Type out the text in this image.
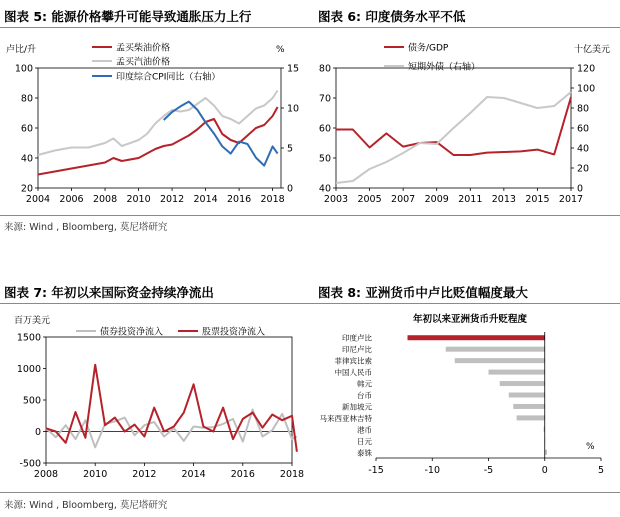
图表 5: 能源价格攀升可能导致通胀压力上行	图表 6: 印度债务水平不低
图表 7: 年初以来国际资金持续净流出	图表 8: 亚洲货币中卢比贬值幅度最大
来源: Wind , Bloomberg, 莫尼塔研究
来源: Wind , Bloomberg, 莫尼塔研究
卢比/升	%
2004 2006 2008 2010 2012 2014 2016 2018
20
40
60
80
100
0
5
10
15
孟买柴油价格
孟买汽油价格
印度综合CPI同比（右轴）
十亿美元
2003 2005 2007 2009 2011 2013 2015 2017
40
50
60
70
80
0
20
40
60
80
100
120
债务/GDP
短期外债（右轴）
百万美元
2008	2010	2012	2014	2016	2018
-500
0
500
1000
1500	债券投资净流入	股票投资净流入
年初以来亚洲货币升贬程度
%
印度卢比
印尼卢比
菲律宾比索
中国人民币
韩元
台币
新加坡元
马来西亚林吉特
港币
日元
泰铢
-15	-10	-5	0	5
